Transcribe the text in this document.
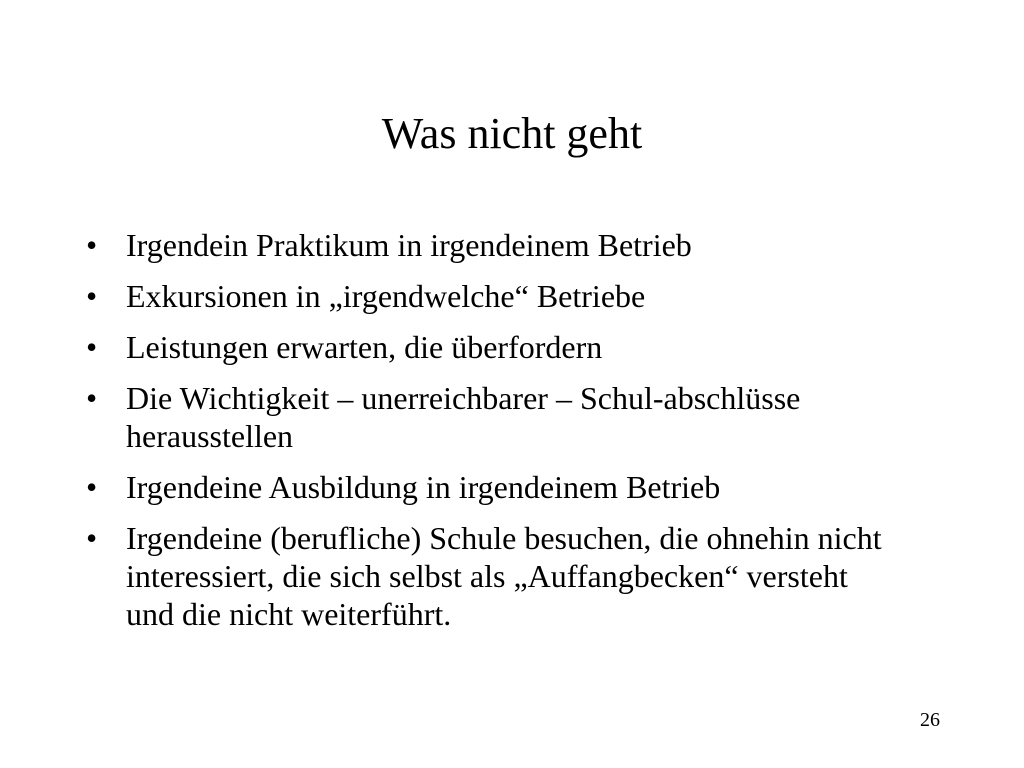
Was nicht geht
• Irgendein Praktikum in irgendeinem Betrieb
• Exkursionen in „irgendwelche“ Betriebe
• Leistungen erwarten, die überfordern
• Die Wichtigkeit – unerreichbarer – Schul-abschlüsse herausstellen
• Irgendeine Ausbildung in irgendeinem Betrieb
• Irgendeine (berufliche) Schule besuchen, die ohnehin nicht interessiert, die sich selbst als „Auffangbecken“ versteht und die nicht weiterführt.
26
